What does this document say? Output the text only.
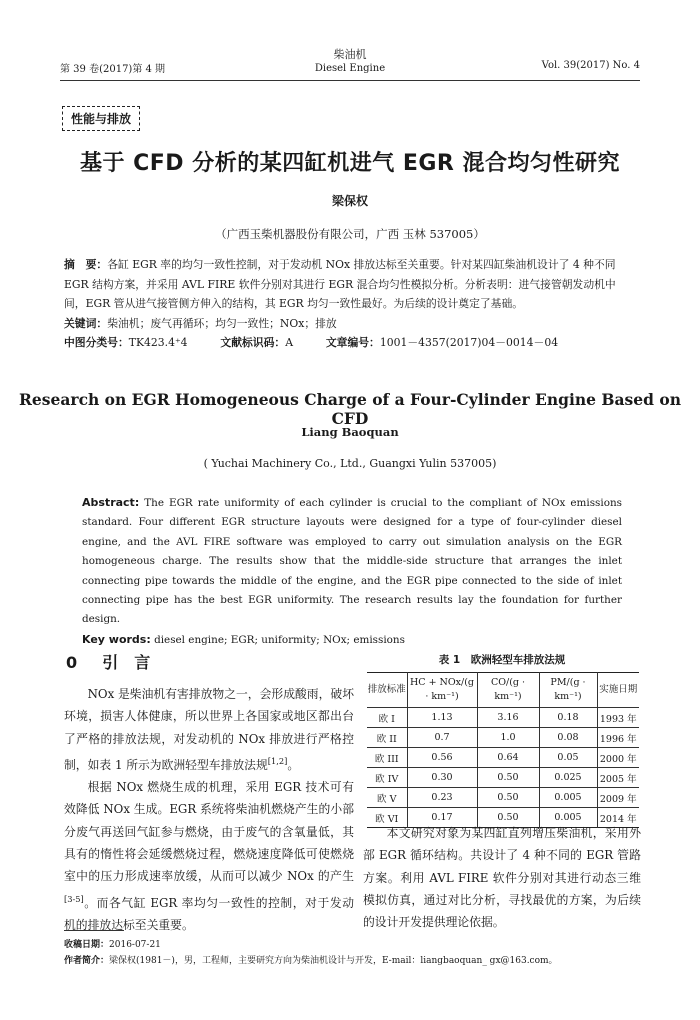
第 39 卷(2017)第 4 期
柴油机
Diesel Engine	Vol. 39(2017) No. 4
性能与排放
基于 CFD 分析的某四缸机进气 EGR 混合均匀性研究
梁保权
（广西玉柴机器股份有限公司，广西 玉林 537005）
摘　要：各缸 EGR 率的均匀一致性控制，对于发动机 NOx 排放达标至关重要。针对某四缸柴油机设计了 4 种不同 EGR 结构方案，并采用 AVL FIRE 软件分别对其进行 EGR 混合均匀性模拟分析。分析表明：进气接管朝发动机中间，EGR 管从进气接管侧方伸入的结构，其 EGR 均匀一致性最好。为后续的设计奠定了基础。
关键词：柴油机；废气再循环；均匀一致性；NOx；排放
中图分类号：TK423.4⁺4	文献标识码：A	文章编号：1001－4357(2017)04－0014－04
Research on EGR Homogeneous Charge of a Four-Cylinder Engine Based on CFD
Liang Baoquan
( Yuchai Machinery Co., Ltd., Guangxi Yulin 537005)
Abstract: The EGR rate uniformity of each cylinder is crucial to the compliant of NOx emissions standard. Four different EGR structure layouts were designed for a type of four-cylinder diesel engine, and the AVL FIRE software was employed to carry out simulation analysis on the EGR homogeneous charge. The results show that the middle-side structure that arranges the inlet connecting pipe towards the middle of the engine, and the EGR pipe connected to the side of inlet connecting pipe has the best EGR uniformity. The research results lay the foundation for further design.
Key words: diesel engine; EGR; uniformity; NOx; emissions
0 引　言

NOx 是柴油机有害排放物之一，会形成酸雨，破坏环境，损害人体健康，所以世界上各国家或地区都出台了严格的排放法规，对发动机的 NOx 排放进行严格控制，如表 1 所示为欧洲轻型车排放法规[1,2]。

根据 NOx 燃烧生成的机理，采用 EGR 技术可有效降低 NOx 生成。EGR 系统将柴油机燃烧产生的小部分废气再送回气缸参与燃烧，由于废气的含氧量低，其具有的惰性将会延缓燃烧过程，燃烧速度降低可使燃烧室中的压力形成速率放缓，从而可以减少 NOx 的产生[3-5]。而各气缸 EGR 率均匀一致性的控制，对于发动机的排放达标至关重要。

表 1　欧洲轻型车排放法规
排放标准	HC + NOx/(g · km⁻¹)	CO/(g · km⁻¹)	PM/(g · km⁻¹)	实施日期
欧 I	1.13	3.16	0.18	1993 年
欧 II	0.7	1.0	0.08	1996 年
欧 III	0.56	0.64	0.05	2000 年
欧 IV	0.30	0.50	0.025	2005 年
欧 V	0.23	0.50	0.005	2009 年
欧 VI	0.17	0.50	0.005	2014 年

本文研究对象为某四缸直列增压柴油机，采用外部 EGR 循环结构。共设计了 4 种不同的 EGR 管路方案。利用 AVL FIRE 软件分别对其进行动态三维模拟仿真，通过对比分析，寻找最优的方案，为后续的设计开发提供理论依据。

收稿日期：2016-07-21
作者简介：梁保权(1981－)，男，工程师，主要研究方向为柴油机设计与开发，E-mail：liangbaoquan_ gx@163.com。
